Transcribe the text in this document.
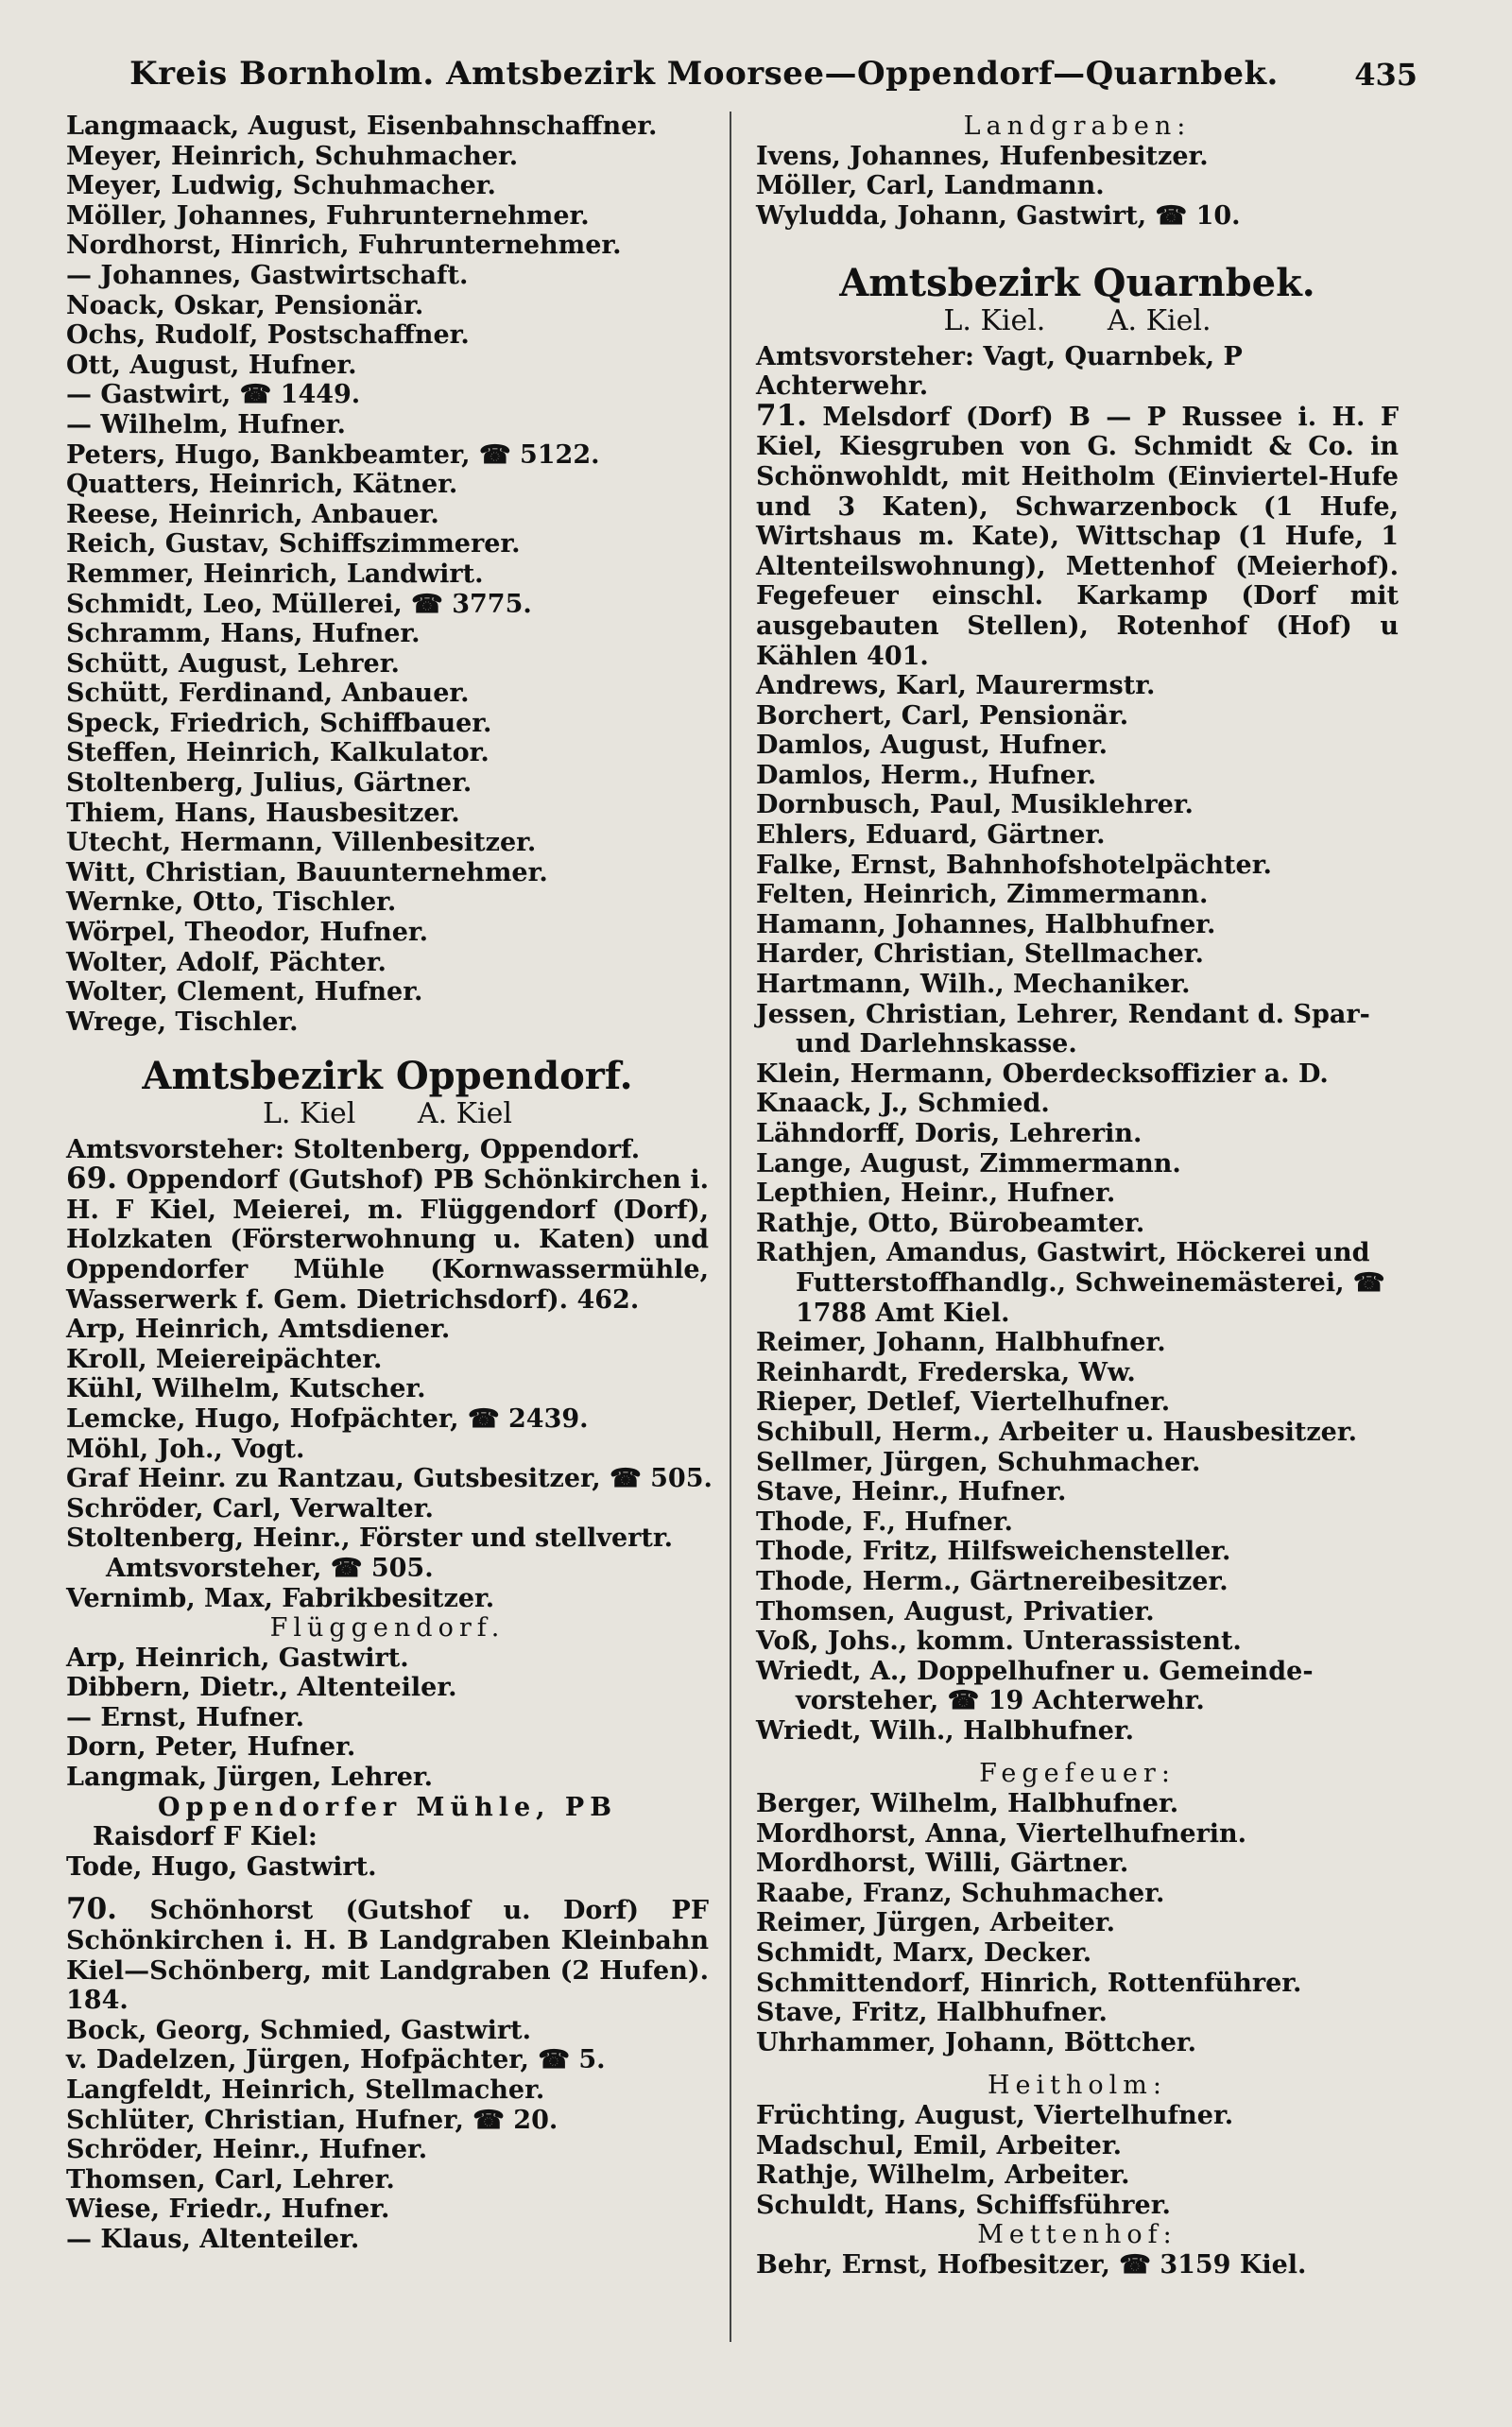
Kreis Bornholm. Amtsbezirk Moorsee—Oppendorf—Quarnbek.	435
Langmaack, August, Eisenbahnschaffner.
Meyer, Heinrich, Schuhmacher.
Meyer, Ludwig, Schuhmacher.
Möller, Johannes, Fuhrunternehmer.
Nordhorst, Hinrich, Fuhrunternehmer.
— Johannes, Gastwirtschaft.
Noack, Oskar, Pensionär.
Ochs, Rudolf, Postschaffner.
Ott, August, Hufner.
— Gastwirt, ☎ 1449.
— Wilhelm, Hufner.
Peters, Hugo, Bankbeamter, ☎ 5122.
Quatters, Heinrich, Kätner.
Reese, Heinrich, Anbauer.
Reich, Gustav, Schiffszimmerer.
Remmer, Heinrich, Landwirt.
Schmidt, Leo, Müllerei, ☎ 3775.
Schramm, Hans, Hufner.
Schütt, August, Lehrer.
Schütt, Ferdinand, Anbauer.
Speck, Friedrich, Schiffbauer.
Steffen, Heinrich, Kalkulator.
Stoltenberg, Julius, Gärtner.
Thiem, Hans, Hausbesitzer.
Utecht, Hermann, Villenbesitzer.
Witt, Christian, Bauunternehmer.
Wernke, Otto, Tischler.
Wörpel, Theodor, Hufner.
Wolter, Adolf, Pächter.
Wolter, Clement, Hufner.
Wrege, Tischler.
Amtsbezirk Oppendorf.
L. Kiel A. Kiel
Amtsvorsteher: Stoltenberg, Oppendorf.
69. Oppendorf (Gutshof) PB Schönkirchen i. H. F Kiel, Meierei, m. Flüggendorf (Dorf), Holzkaten (Försterwohnung u. Katen) und Oppendorfer Mühle (Kornwassermühle, Wasserwerk f. Gem. Dietrichsdorf). 462.
Arp, Heinrich, Amtsdiener.
Kroll, Meiereipächter.
Kühl, Wilhelm, Kutscher.
Lemcke, Hugo, Hofpächter, ☎ 2439.
Möhl, Joh., Vogt.
Graf Heinr. zu Rantzau, Gutsbesitzer, ☎ 505.
Schröder, Carl, Verwalter.
Stoltenberg, Heinr., Förster und stellvertr.
Amtsvorsteher, ☎ 505.
Vernimb, Max, Fabrikbesitzer.
Flüggendorf.
Arp, Heinrich, Gastwirt.
Dibbern, Dietr., Altenteiler.
— Ernst, Hufner.
Dorn, Peter, Hufner.
Langmak, Jürgen, Lehrer.
Oppendorfer Mühle, PB
Raisdorf F Kiel:
Tode, Hugo, Gastwirt.
70. Schönhorst (Gutshof u. Dorf) PF Schönkirchen i. H. B Landgraben Kleinbahn Kiel—Schönberg, mit Landgraben (2 Hufen). 184.
Bock, Georg, Schmied, Gastwirt.
v. Dadelzen, Jürgen, Hofpächter, ☎ 5.
Langfeldt, Heinrich, Stellmacher.
Schlüter, Christian, Hufner, ☎ 20.
Schröder, Heinr., Hufner.
Thomsen, Carl, Lehrer.
Wiese, Friedr., Hufner.
— Klaus, Altenteiler.
Landgraben:
Ivens, Johannes, Hufenbesitzer.
Möller, Carl, Landmann.
Wyludda, Johann, Gastwirt, ☎ 10.
Amtsbezirk Quarnbek.
L. Kiel. A. Kiel.
Amtsvorsteher: Vagt, Quarnbek, P Achterwehr.
71. Melsdorf (Dorf) B — P Russee i. H. F Kiel, Kiesgruben von G. Schmidt & Co. in Schönwohldt, mit Heitholm (Einviertel-Hufe und 3 Katen), Schwarzenbock (1 Hufe, Wirtshaus m. Kate), Wittschap (1 Hufe, 1 Altenteilswohnung), Mettenhof (Meierhof). Fegefeuer einschl. Karkamp (Dorf mit ausgebauten Stellen), Rotenhof (Hof) u Kählen 401.
Andrews, Karl, Maurermstr.
Borchert, Carl, Pensionär.
Damlos, August, Hufner.
Damlos, Herm., Hufner.
Dornbusch, Paul, Musiklehrer.
Ehlers, Eduard, Gärtner.
Falke, Ernst, Bahnhofshotelpächter.
Felten, Heinrich, Zimmermann.
Hamann, Johannes, Halbhufner.
Harder, Christian, Stellmacher.
Hartmann, Wilh., Mechaniker.
Jessen, Christian, Lehrer, Rendant d. Spar-
und Darlehnskasse.
Klein, Hermann, Oberdecksoffizier a. D.
Knaack, J., Schmied.
Lähndorff, Doris, Lehrerin.
Lange, August, Zimmermann.
Lepthien, Heinr., Hufner.
Rathje, Otto, Bürobeamter.
Rathjen, Amandus, Gastwirt, Höckerei und
Futterstoffhandlg., Schweinemästerei, ☎
1788 Amt Kiel.
Reimer, Johann, Halbhufner.
Reinhardt, Frederska, Ww.
Rieper, Detlef, Viertelhufner.
Schibull, Herm., Arbeiter u. Hausbesitzer.
Sellmer, Jürgen, Schuhmacher.
Stave, Heinr., Hufner.
Thode, F., Hufner.
Thode, Fritz, Hilfsweichensteller.
Thode, Herm., Gärtnereibesitzer.
Thomsen, August, Privatier.
Voß, Johs., komm. Unterassistent.
Wriedt, A., Doppelhufner u. Gemeinde-
vorsteher, ☎ 19 Achterwehr.
Wriedt, Wilh., Halbhufner.
Fegefeuer:
Berger, Wilhelm, Halbhufner.
Mordhorst, Anna, Viertelhufnerin.
Mordhorst, Willi, Gärtner.
Raabe, Franz, Schuhmacher.
Reimer, Jürgen, Arbeiter.
Schmidt, Marx, Decker.
Schmittendorf, Hinrich, Rottenführer.
Stave, Fritz, Halbhufner.
Uhrhammer, Johann, Böttcher.
Heitholm:
Früchting, August, Viertelhufner.
Madschul, Emil, Arbeiter.
Rathje, Wilhelm, Arbeiter.
Schuldt, Hans, Schiffsführer.
Mettenhof:
Behr, Ernst, Hofbesitzer, ☎ 3159 Kiel.
